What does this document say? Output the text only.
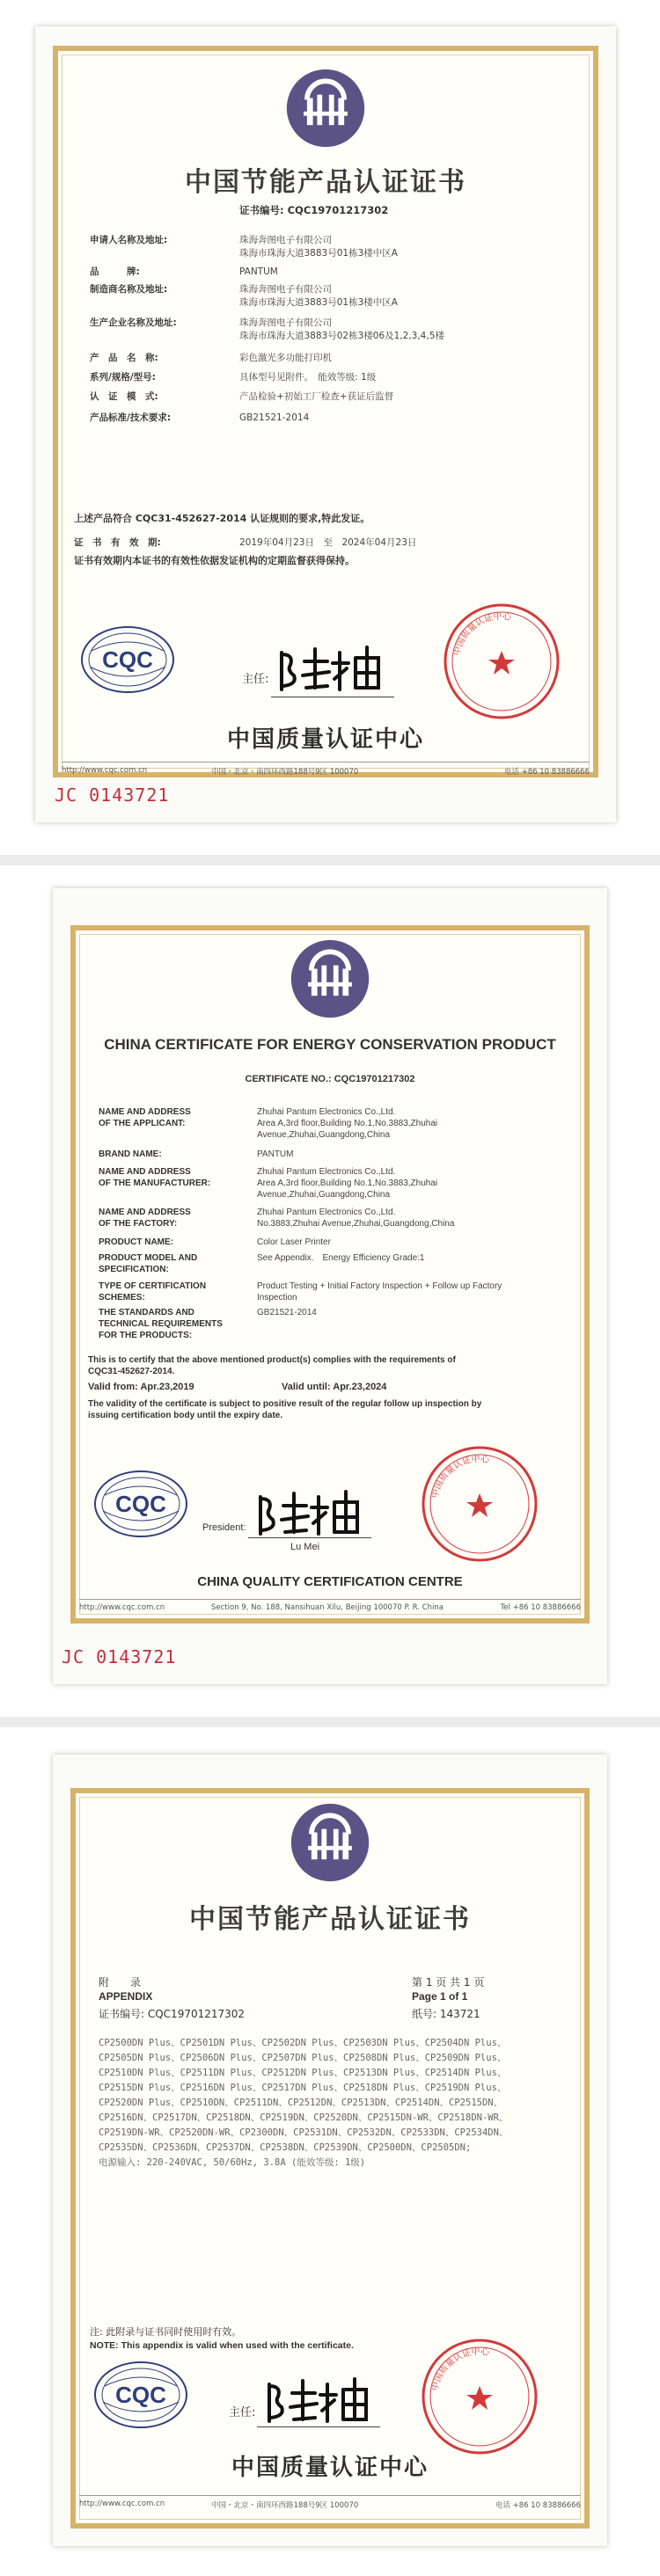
中国节能产品认证证书
证书编号: CQC19701217302
申请人名称及地址:	珠海奔图电子有限公司
珠海市珠海大道3883号01栋3楼中区A
品　　　牌:	PANTUM
制造商名称及地址:	珠海奔图电子有限公司
珠海市珠海大道3883号01栋3楼中区A
生产企业名称及地址:	珠海奔图电子有限公司
珠海市珠海大道3883号02栋3楼06及1,2,3,4,5楼
产　品　名　称:	彩色激光多功能打印机
系列/规格/型号:	具体型号见附件。　能效等级: 1级
认　证　模　式:	产品检验+初始工厂检查+获证后监督
产品标准/技术要求:	GB21521-2014
上述产品符合 CQC31-452627-2014 认证规则的要求,特此发证。
证　书　有　效　期:	2019年04月23日　至　2024年04月23日
证书有效期内本证书的有效性依据发证机构的定期监督获得保持。
CQC
主任:
中国质量认证中心
中国质量认证中心
http://www.cqc.com.cn	中国・北京・南四环西路188号9区 100070	电话 +86 10 83886666
JC 0143721
CHINA CERTIFICATE FOR ENERGY CONSERVATION PRODUCT
CERTIFICATE NO.: CQC19701217302
NAME AND ADDRESS
OF THE APPLICANT:
Zhuhai Pantum Electronics Co.,Ltd.
Area A,3rd floor,Building No.1,No.3883,Zhuhai
Avenue,Zhuhai,Guangdong,China
BRAND NAME:	PANTUM
NAME AND ADDRESS
OF THE MANUFACTURER:
Zhuhai Pantum Electronics Co.,Ltd.
Area A,3rd floor,Building No.1,No.3883,Zhuhai
Avenue,Zhuhai,Guangdong,China
NAME AND ADDRESS
OF THE FACTORY:
Zhuhai Pantum Electronics Co.,Ltd.
No.3883,Zhuhai Avenue,Zhuhai,Guangdong,China
PRODUCT NAME:	Color Laser Printer
PRODUCT MODEL AND
SPECIFICATION:
See Appendix.　Energy Efficiency Grade:1
TYPE OF CERTIFICATION
SCHEMES:
Product Testing + Initial Factory Inspection + Follow up Factory
Inspection
THE STANDARDS AND
TECHNICAL REQUIREMENTS
FOR THE PRODUCTS:
GB21521-2014
This is to certify that the above mentioned product(s) complies with the requirements of
CQC31-452627-2014.
Valid from: Apr.23,2019	Valid until: Apr.23,2024
The validity of the certificate is subject to positive result of the regular follow up inspection by
issuing certification body until the expiry date.
CQC
President:
Lu Mei
中国质量认证中心
CHINA QUALITY CERTIFICATION CENTRE
http://www.cqc.com.cn	Section 9, No. 188, Nansihuan Xilu, Beijing 100070 P. R. China	Tel +86 10 83886666
JC 0143721
中国节能产品认证证书
附　　录
APPENDIX
证书编号: CQC19701217302
第 1 页 共 1 页
Page 1 of 1
纸号: 143721
CP2500DN Plus、CP2501DN Plus、CP2502DN Plus、CP2503DN Plus、CP2504DN Plus、
CP2505DN Plus、CP2506DN Plus、CP2507DN Plus、CP2508DN Plus、CP2509DN Plus、
CP2510DN Plus、CP2511DN Plus、CP2512DN Plus、CP2513DN Plus、CP2514DN Plus、
CP2515DN Plus、CP2516DN Plus、CP2517DN Plus、CP2518DN Plus、CP2519DN Plus、
CP2520DN Plus、CP2510DN、CP2511DN、CP2512DN、CP2513DN、CP2514DN、CP2515DN、
CP2516DN、CP2517DN、CP2518DN、CP2519DN、CP2520DN、CP2515DN-WR、CP2518DN-WR、
CP2519DN-WR、CP2520DN-WR、CP2300DN、CP2531DN、CP2532DN、CP2533DN、CP2534DN、
CP2535DN、CP2536DN、CP2537DN、CP2538DN、CP2539DN、CP2500DN、CP2505DN;
电源输入: 220-240VAC, 50/60Hz, 3.8A (能效等级: 1级)
注: 此附录与证书同时使用时有效。
NOTE: This appendix is valid when used with the certificate.
CQC
主任:
中国质量认证中心
中国质量认证中心
http://www.cqc.com.cn	中国・北京・南四环西路188号9区 100070	电话 +86 10 83886666
